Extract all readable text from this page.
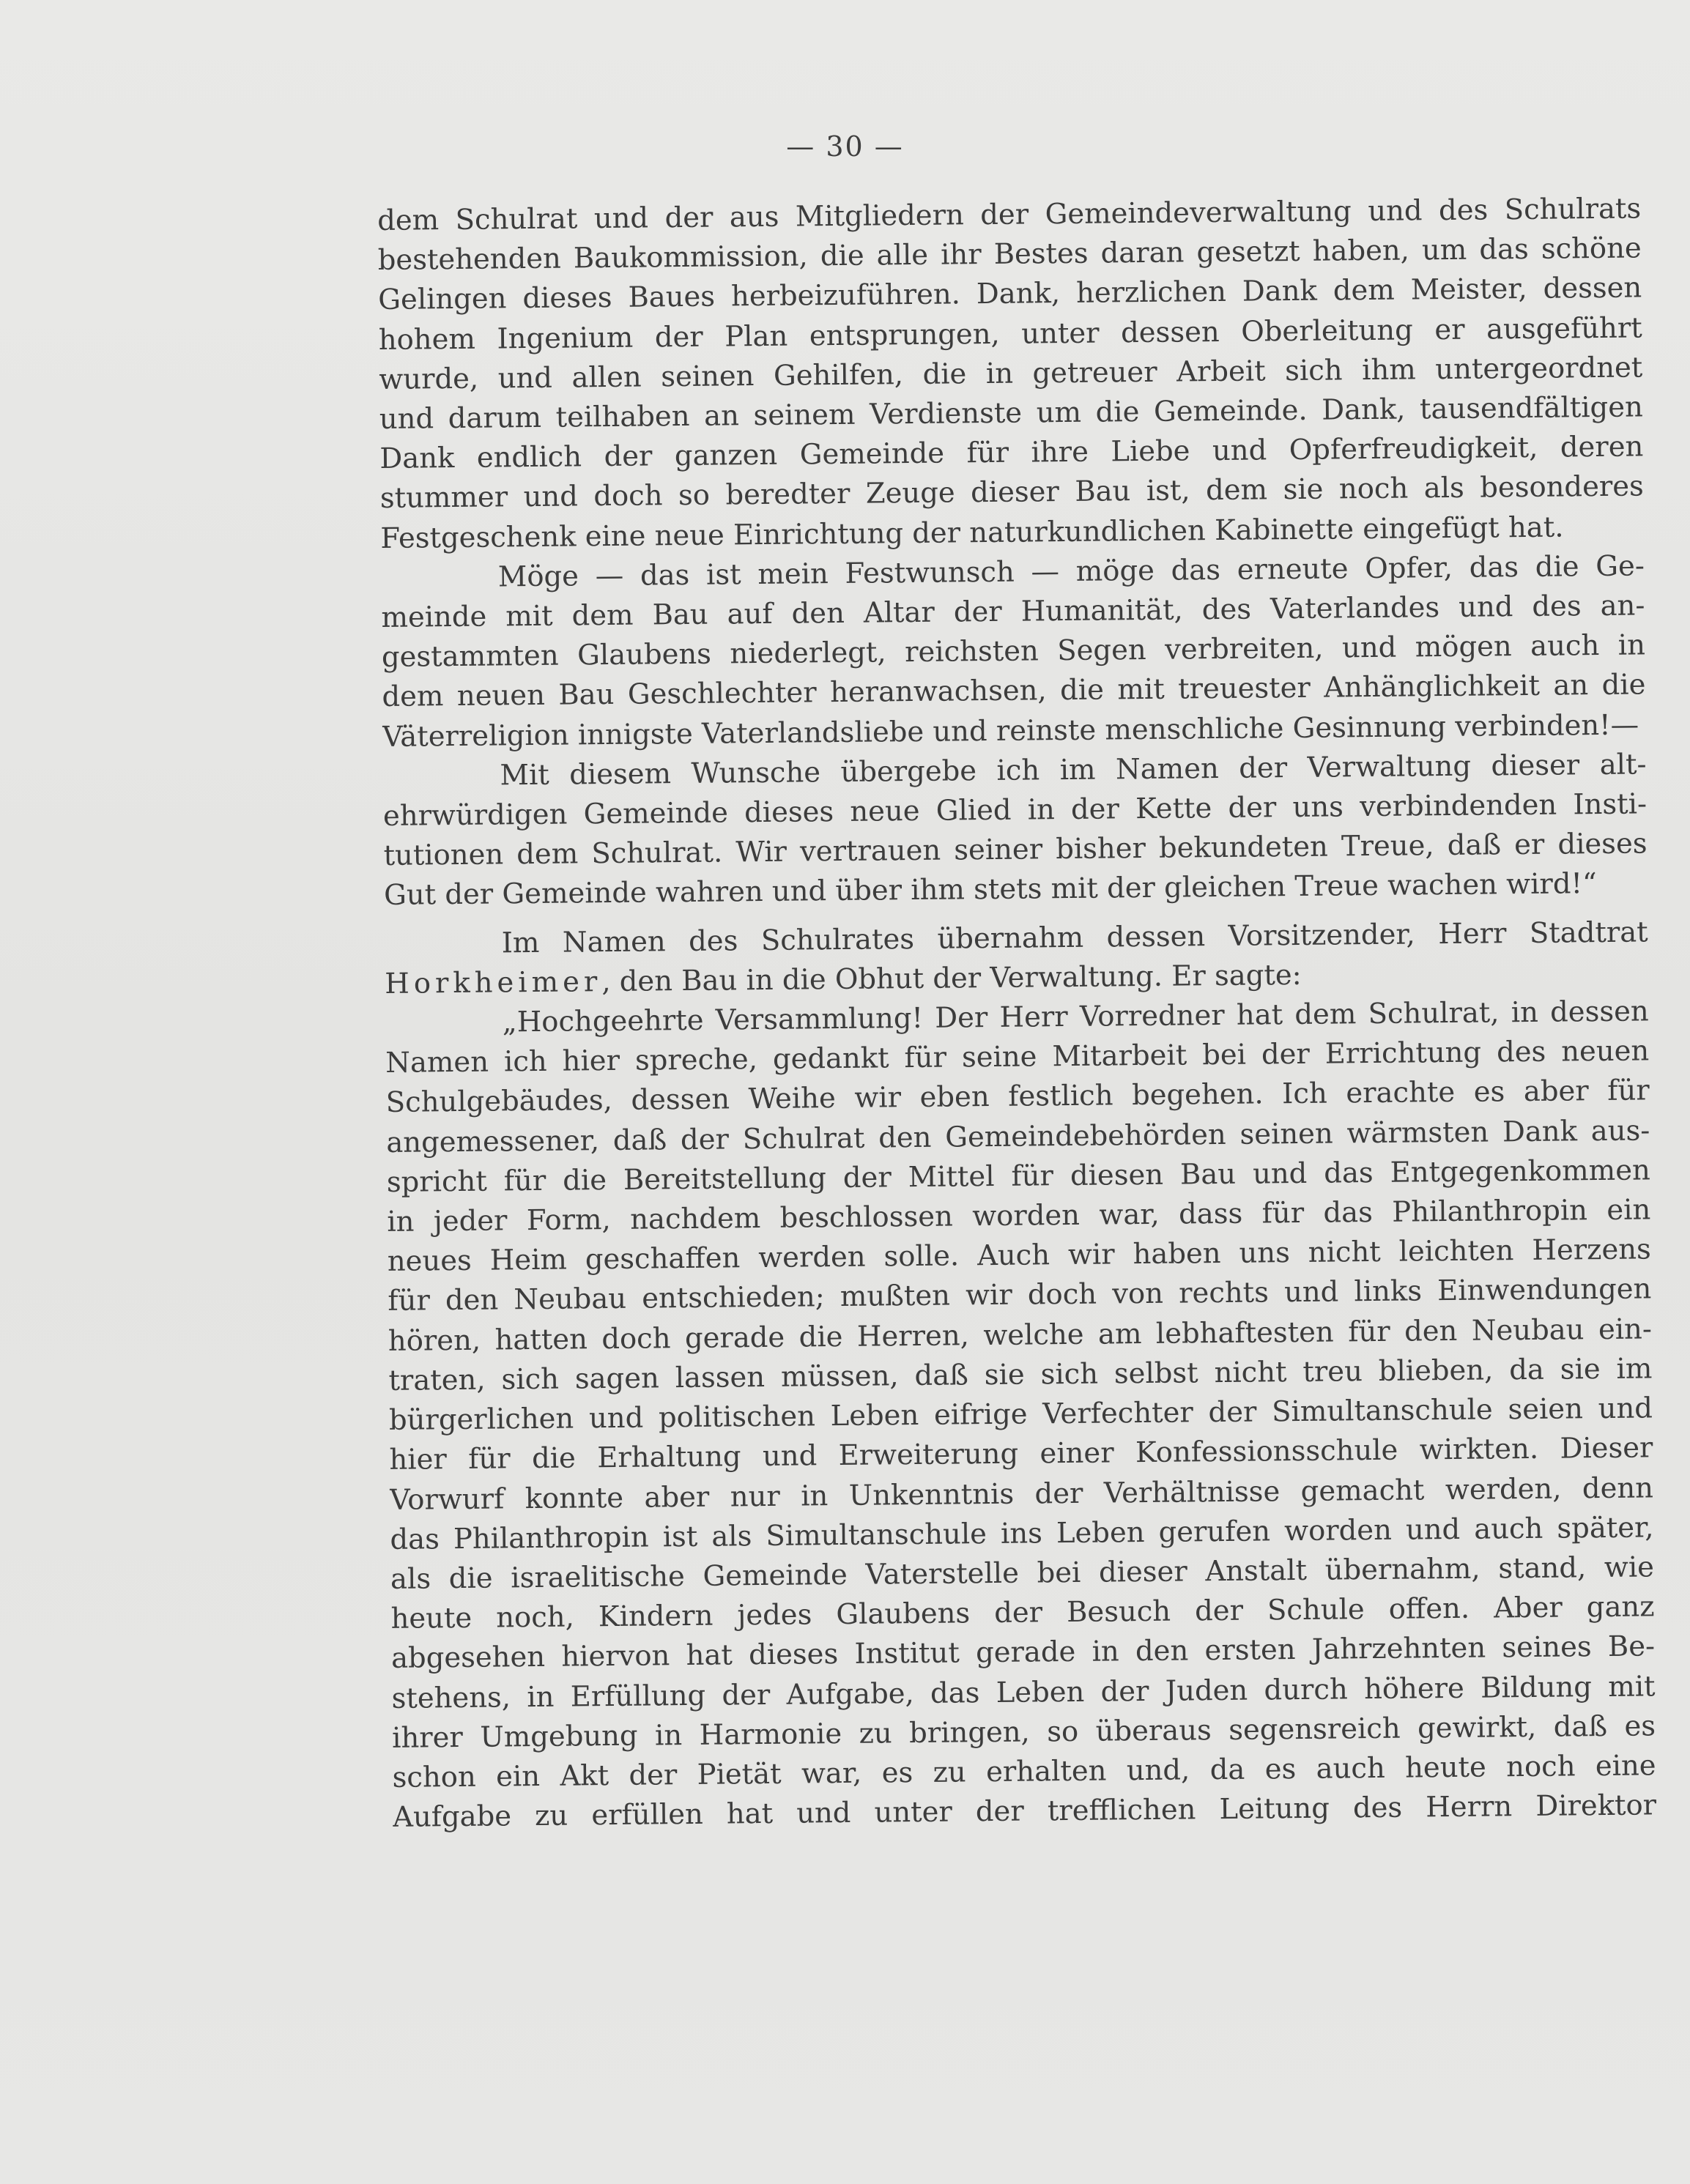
— 30 —
dem Schulrat und der aus Mitgliedern der Gemeindeverwaltung und des Schulrats
bestehenden Baukommission, die alle ihr Bestes daran gesetzt haben, um das schöne
Gelingen dieses Baues herbeizuführen. Dank, herzlichen Dank dem Meister, dessen
hohem Ingenium der Plan entsprungen, unter dessen Oberleitung er ausgeführt
wurde, und allen seinen Gehilfen, die in getreuer Arbeit sich ihm untergeordnet
und darum teilhaben an seinem Verdienste um die Gemeinde. Dank, tausendfältigen
Dank endlich der ganzen Gemeinde für ihre Liebe und Opferfreudigkeit, deren
stummer und doch so beredter Zeuge dieser Bau ist, dem sie noch als besonderes
Festgeschenk eine neue Einrichtung der naturkundlichen Kabinette eingefügt hat.
Möge — das ist mein Festwunsch — möge das erneute Opfer, das die Ge-
meinde mit dem Bau auf den Altar der Humanität, des Vaterlandes und des an-
gestammten Glaubens niederlegt, reichsten Segen verbreiten, und mögen auch in
dem neuen Bau Geschlechter heranwachsen, die mit treuester Anhänglichkeit an die
Väterreligion innigste Vaterlandsliebe und reinste menschliche Gesinnung verbinden!—
Mit diesem Wunsche übergebe ich im Namen der Verwaltung dieser alt-
ehrwürdigen Gemeinde dieses neue Glied in der Kette der uns verbindenden Insti-
tutionen dem Schulrat. Wir vertrauen seiner bisher bekundeten Treue, daß er dieses
Gut der Gemeinde wahren und über ihm stets mit der gleichen Treue wachen wird!“
Im Namen des Schulrates übernahm dessen Vorsitzender, Herr Stadtrat
Horkheimer, den Bau in die Obhut der Verwaltung. Er sagte:
„Hochgeehrte Versammlung! Der Herr Vorredner hat dem Schulrat, in dessen
Namen ich hier spreche, gedankt für seine Mitarbeit bei der Errichtung des neuen
Schulgebäudes, dessen Weihe wir eben festlich begehen. Ich erachte es aber für
angemessener, daß der Schulrat den Gemeindebehörden seinen wärmsten Dank aus-
spricht für die Bereitstellung der Mittel für diesen Bau und das Entgegenkommen
in jeder Form, nachdem beschlossen worden war, dass für das Philanthropin ein
neues Heim geschaffen werden solle. Auch wir haben uns nicht leichten Herzens
für den Neubau entschieden; mußten wir doch von rechts und links Einwendungen
hören, hatten doch gerade die Herren, welche am lebhaftesten für den Neubau ein-
traten, sich sagen lassen müssen, daß sie sich selbst nicht treu blieben, da sie im
bürgerlichen und politischen Leben eifrige Verfechter der Simultanschule seien und
hier für die Erhaltung und Erweiterung einer Konfessionsschule wirkten. Dieser
Vorwurf konnte aber nur in Unkenntnis der Verhältnisse gemacht werden, denn
das Philanthropin ist als Simultanschule ins Leben gerufen worden und auch später,
als die israelitische Gemeinde Vaterstelle bei dieser Anstalt übernahm, stand, wie
heute noch, Kindern jedes Glaubens der Besuch der Schule offen. Aber ganz
abgesehen hiervon hat dieses Institut gerade in den ersten Jahrzehnten seines Be-
stehens, in Erfüllung der Aufgabe, das Leben der Juden durch höhere Bildung mit
ihrer Umgebung in Harmonie zu bringen, so überaus segensreich gewirkt, daß es
schon ein Akt der Pietät war, es zu erhalten und, da es auch heute noch eine
Aufgabe zu erfüllen hat und unter der trefflichen Leitung des Herrn Direktor
